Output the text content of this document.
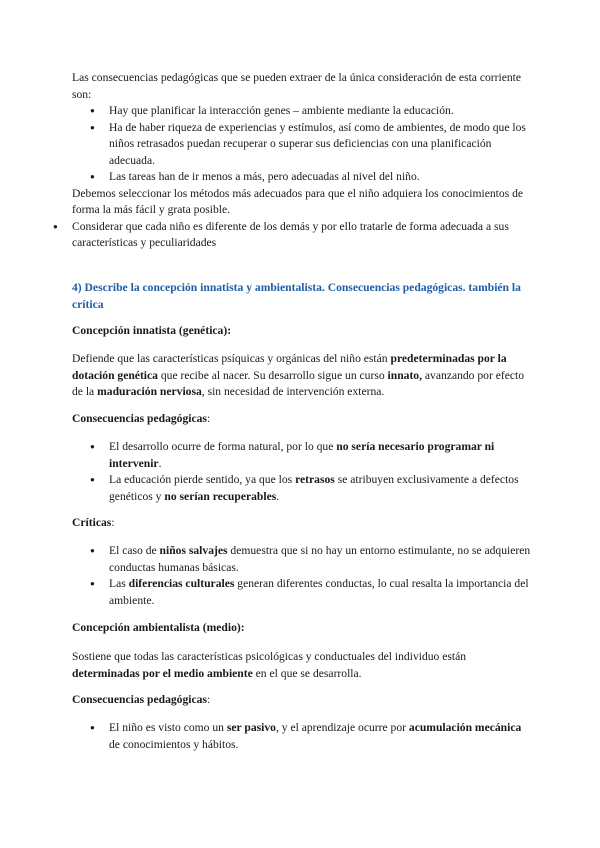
Las consecuencias pedagógicas que se pueden extraer de la única consideración de esta corriente son:

● Hay que planificar la interacción genes – ambiente mediante la educación.
● Ha de haber riqueza de experiencias y estímulos, así como de ambientes, de modo que los niños retrasados puedan recuperar o superar sus deficiencias con una planificación adecuada.
● Las tareas han de ir menos a más, pero adecuadas al nivel del niño.

Debemos seleccionar los métodos más adecuados para que el niño adquiera los conocimientos de forma la más fácil y grata posible.

● Considerar que cada niño es diferente de los demás y por ello tratarle de forma adecuada a sus características y peculiaridades

4) Describe la concepción innatista y ambientalista. Consecuencias pedagógicas. también la crítica

Concepción innatista (genética):

Defiende que las características psíquicas y orgánicas del niño están predeterminadas por la dotación genética que recibe al nacer. Su desarrollo sigue un curso innato, avanzando por efecto de la maduración nerviosa, sin necesidad de intervención externa.

Consecuencias pedagógicas:

● El desarrollo ocurre de forma natural, por lo que no sería necesario programar ni intervenir.
● La educación pierde sentido, ya que los retrasos se atribuyen exclusivamente a defectos genéticos y no serían recuperables.

Críticas:

● El caso de niños salvajes demuestra que si no hay un entorno estimulante, no se adquieren conductas humanas básicas.
● Las diferencias culturales generan diferentes conductas, lo cual resalta la importancia del ambiente.

Concepción ambientalista (medio):

Sostiene que todas las características psicológicas y conductuales del individuo están determinadas por el medio ambiente en el que se desarrolla.

Consecuencias pedagógicas:

● El niño es visto como un ser pasivo, y el aprendizaje ocurre por acumulación mecánica de conocimientos y hábitos.
